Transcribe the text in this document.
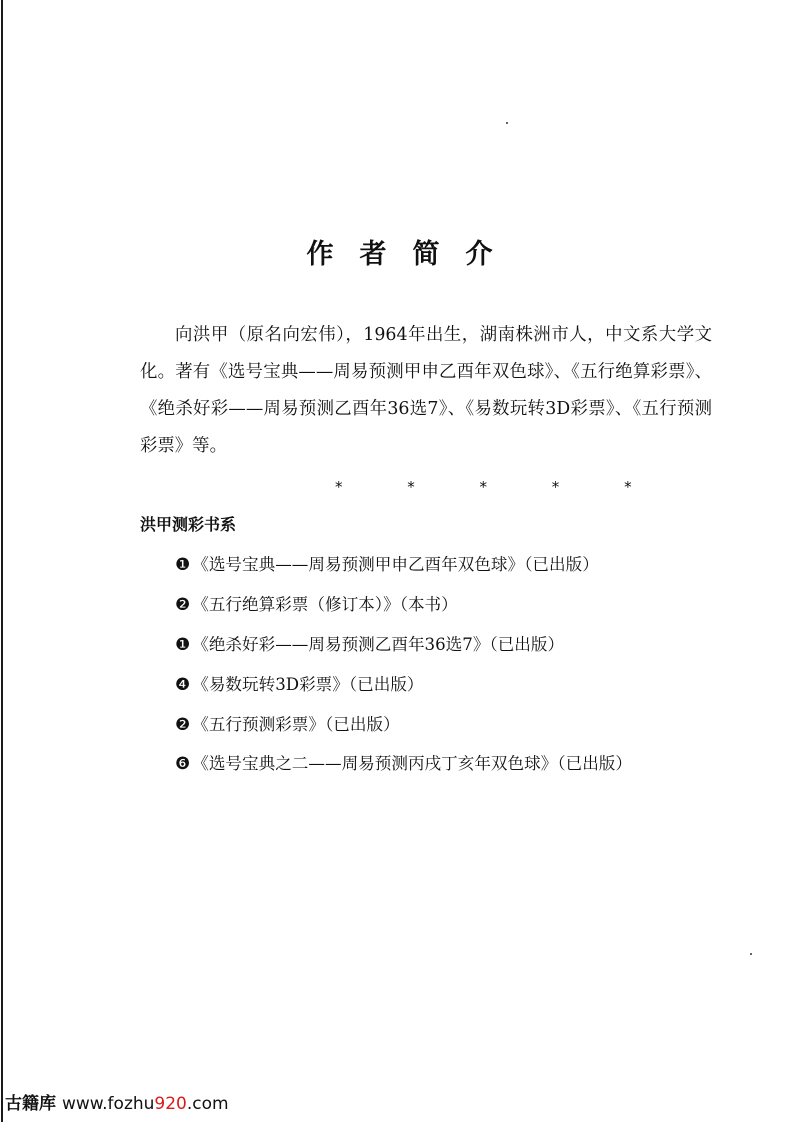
作者简介

向洪甲（原名向宏伟），1964年出生，湖南株洲市人，中文系大学文化。著有《选号宝典——周易预测甲申乙酉年双色球》、《五行绝算彩票》、《绝杀好彩——周易预测乙酉年36选7》、《易数玩转3D彩票》、《五行预测彩票》等。

* * * * *
洪甲测彩书系
❶ 《选号宝典——周易预测甲申乙酉年双色球》（已出版）
❷ 《五行绝算彩票（修订本）》（本书）
❶ 《绝杀好彩——周易预测乙酉年36选7》（已出版）
❹ 《易数玩转3D彩票》（已出版）
❷ 《五行预测彩票》（已出版）
❻ 《选号宝典之二——周易预测丙戌丁亥年双色球》（已出版）
古籍库 www.fozhu920.com
